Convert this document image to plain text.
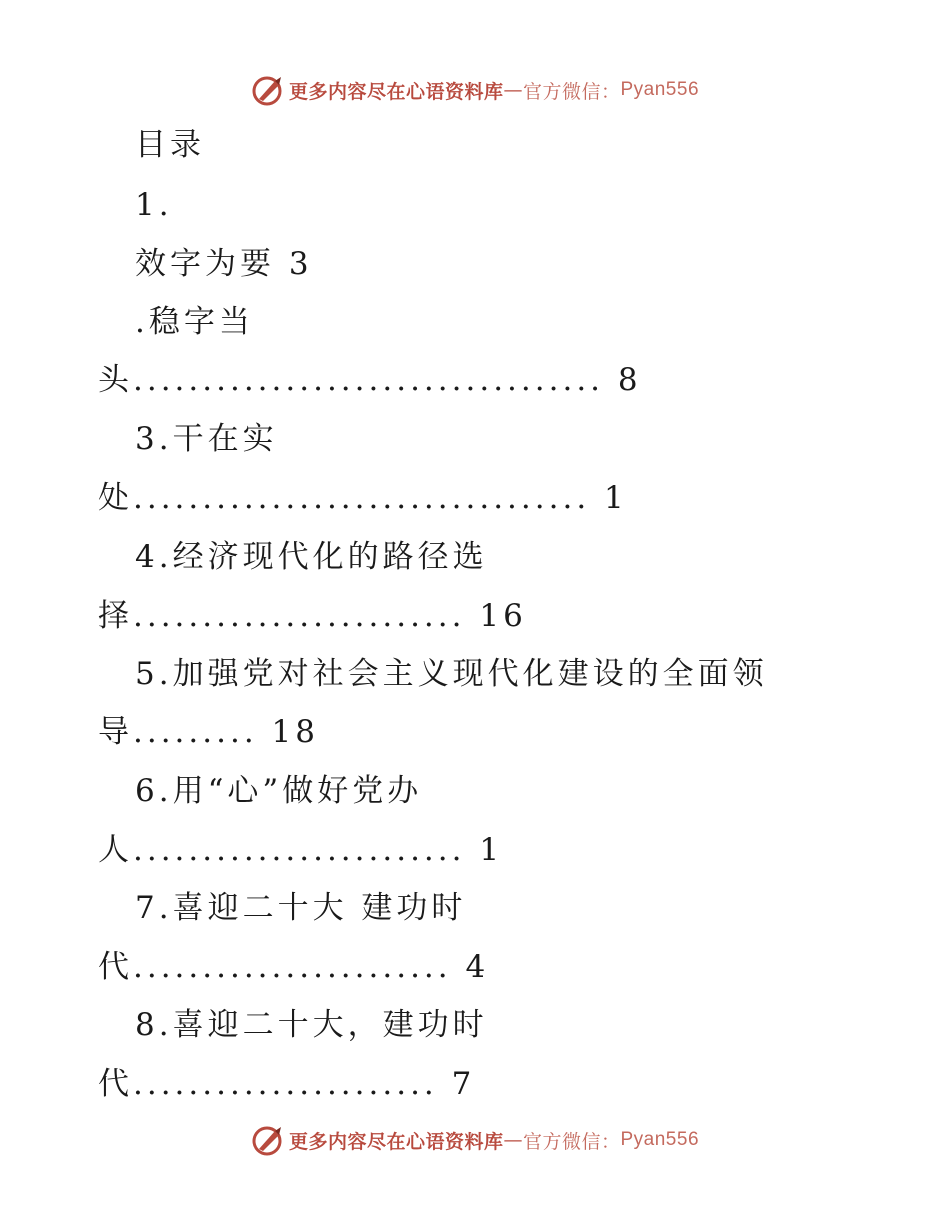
更多内容尽在心语资料库 — 官方微信： Pyan556
目录
1.
效字为要 3
.稳字当
头.................................. 8
3.干在实
处................................. 1
4.经济现代化的路径选
择........................ 16
5.加强党对社会主义现代化建设的全面领
导......... 18
6.用“心”做好党办
人........................ 1
7.喜迎二十大 建功时
代....................... 4
8.喜迎二十大，建功时
代...................... 7
更多内容尽在心语资料库 — 官方微信： Pyan556
